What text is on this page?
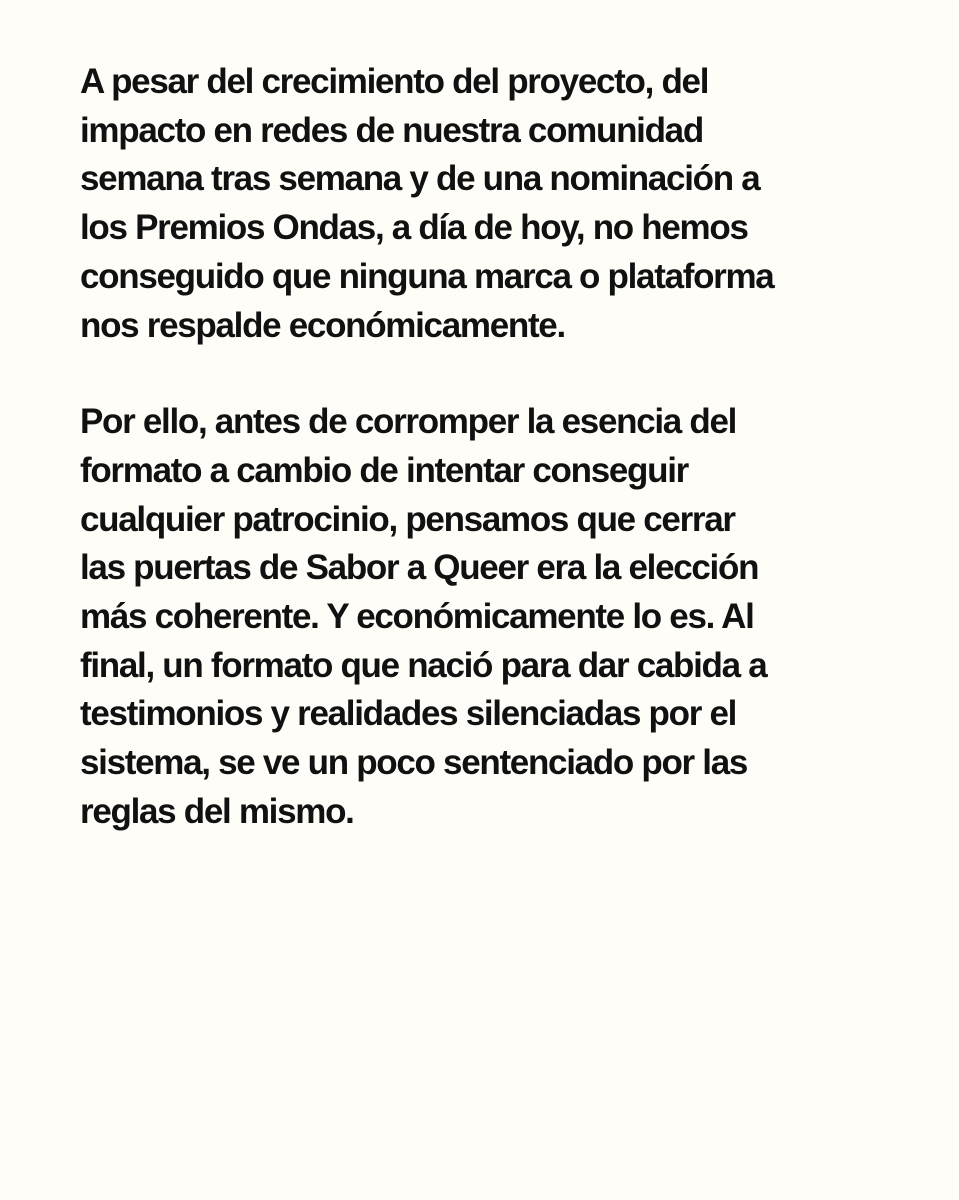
A pesar del crecimiento del proyecto, del
impacto en redes de nuestra comunidad
semana tras semana y de una nominación a
los Premios Ondas, a día de hoy, no hemos
conseguido que ninguna marca o plataforma
nos respalde económicamente.

Por ello, antes de corromper la esencia del
formato a cambio de intentar conseguir
cualquier patrocinio, pensamos que cerrar
las puertas de Sabor a Queer era la elección
más coherente. Y económicamente lo es. Al
final, un formato que nació para dar cabida a
testimonios y realidades silenciadas por el
sistema, se ve un poco sentenciado por las
reglas del mismo.
